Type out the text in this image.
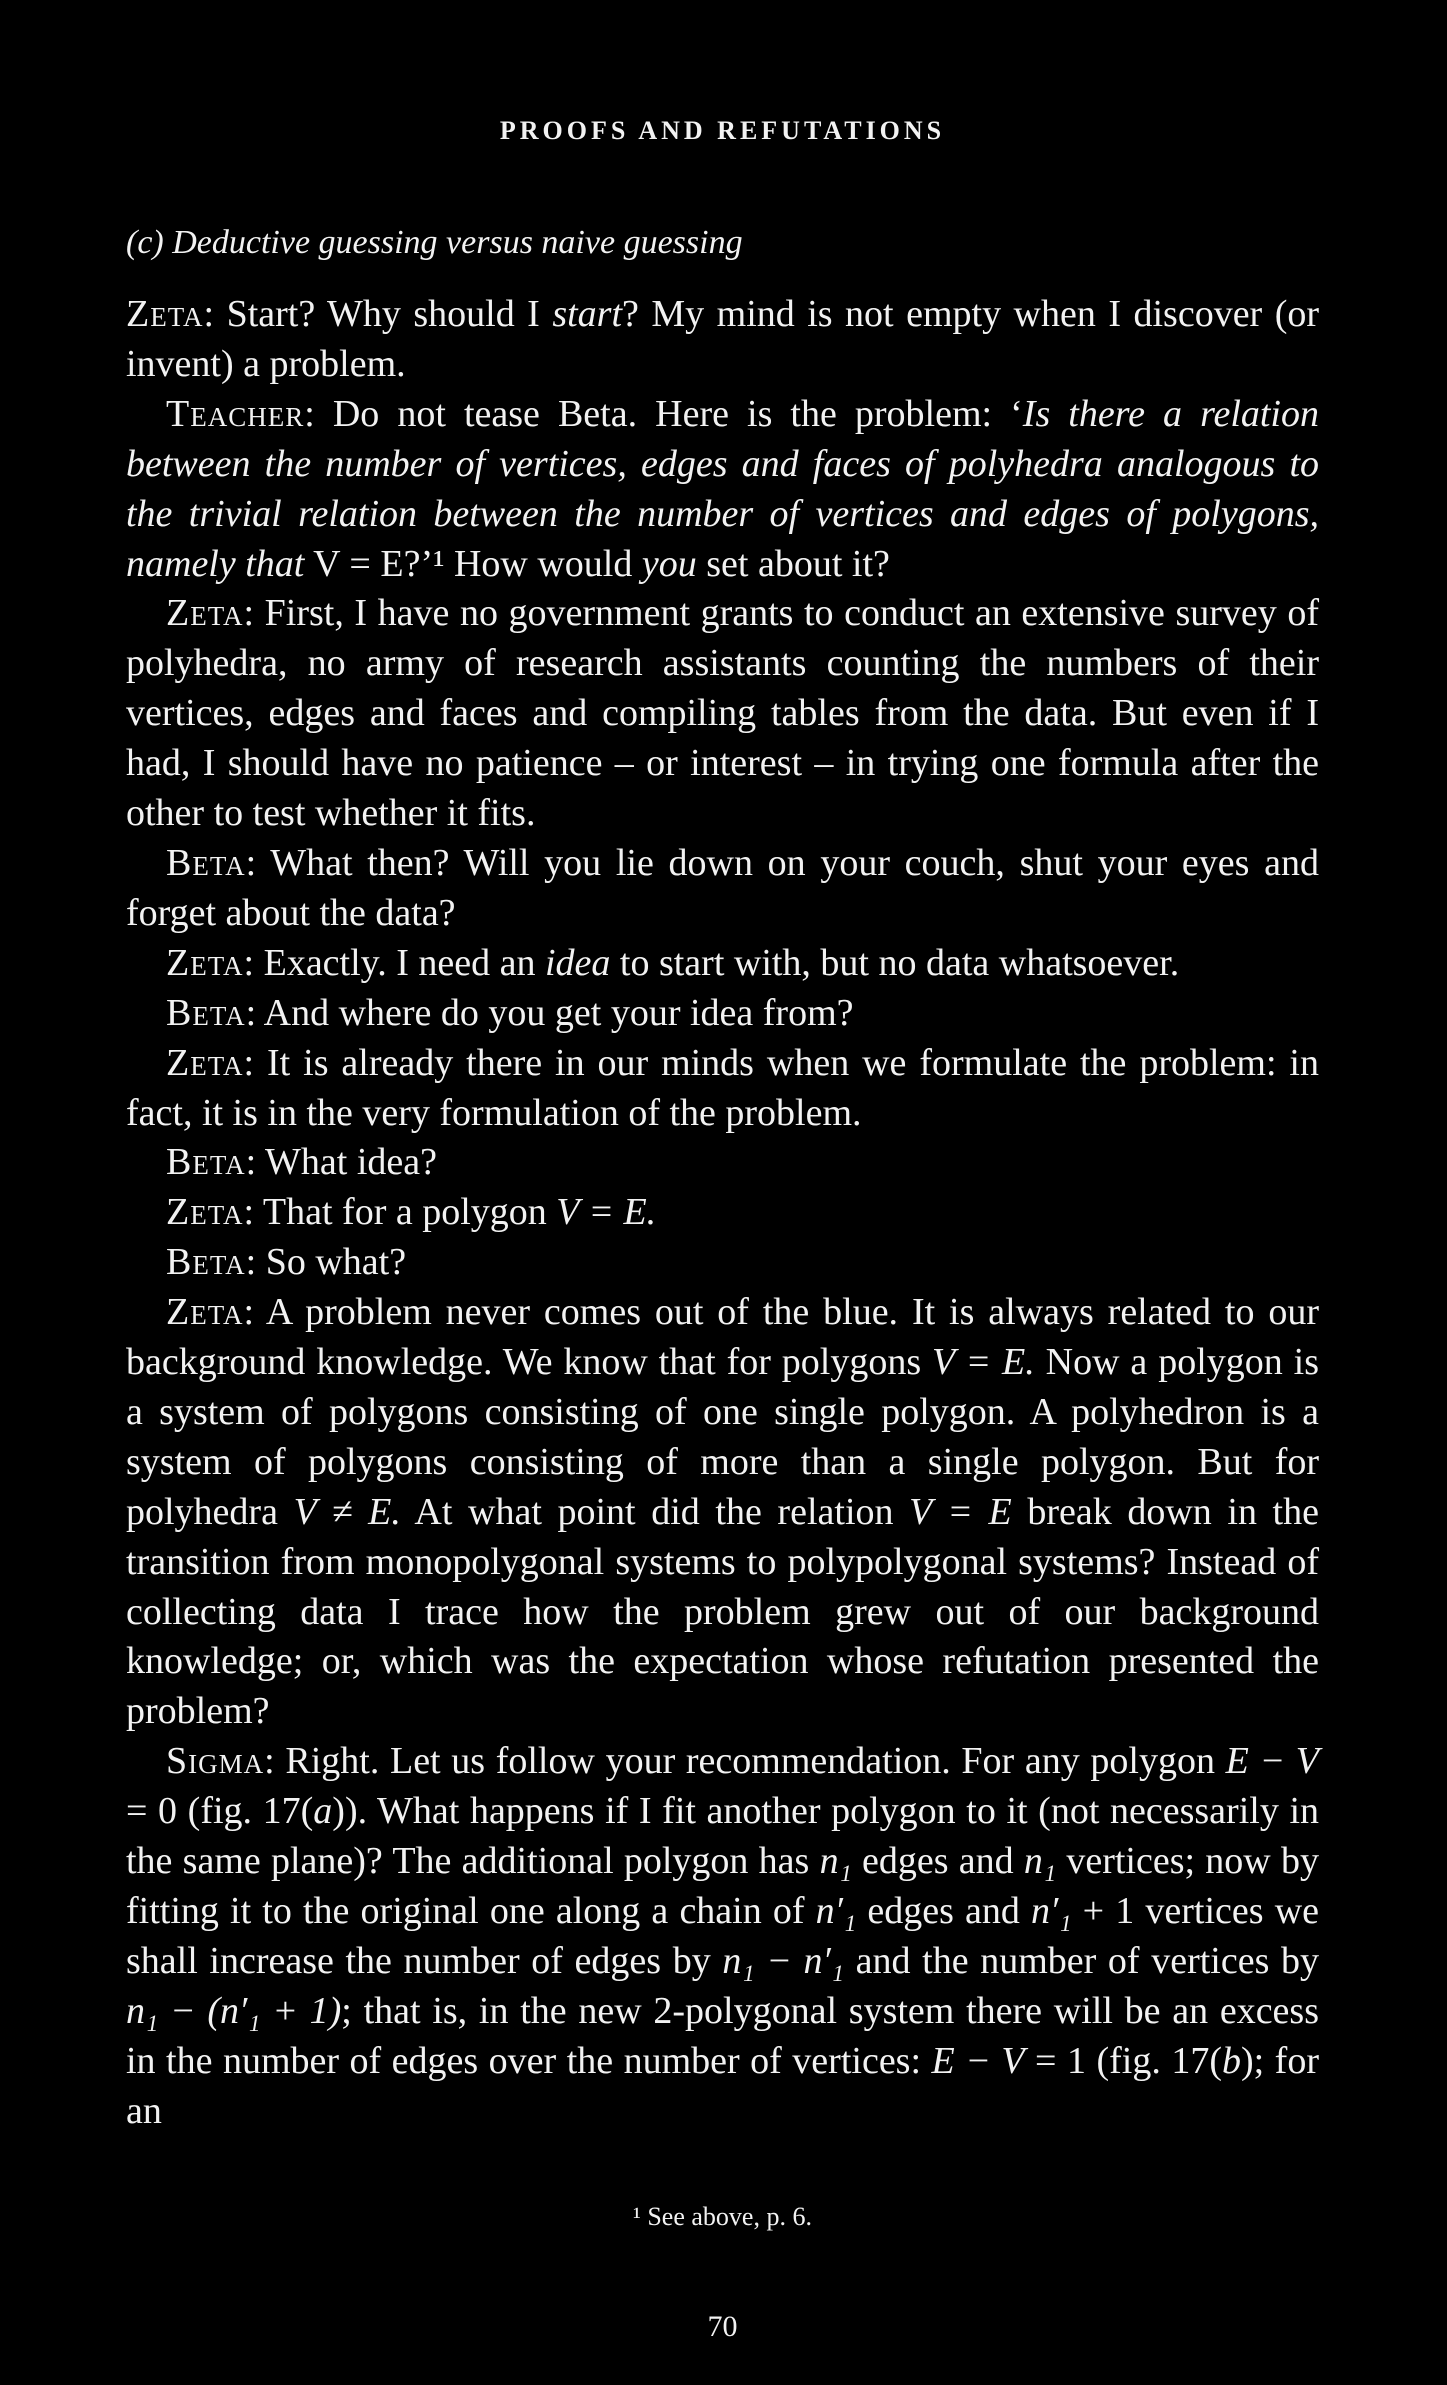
PROOFS AND REFUTATIONS
(c) Deductive guessing versus naive guessing

Zeta: Start? Why should I start? My mind is not empty when I discover (or invent) a problem.

Teacher: Do not tease Beta. Here is the problem: ‘Is there a relation between the number of vertices, edges and faces of polyhedra analogous to the trivial relation between the number of vertices and edges of polygons, namely that V = E?’¹ How would you set about it?

Zeta: First, I have no government grants to conduct an extensive survey of polyhedra, no army of research assistants counting the numbers of their vertices, edges and faces and compiling tables from the data. But even if I had, I should have no patience – or interest – in trying one formula after the other to test whether it fits.

Beta: What then? Will you lie down on your couch, shut your eyes and forget about the data?

Zeta: Exactly. I need an idea to start with, but no data whatsoever.

Beta: And where do you get your idea from?

Zeta: It is already there in our minds when we formulate the problem: in fact, it is in the very formulation of the problem.

Beta: What idea?

Zeta: That for a polygon V = E.

Beta: So what?

Zeta: A problem never comes out of the blue. It is always related to our background knowledge. We know that for polygons V = E. Now a polygon is a system of polygons consisting of one single polygon. A polyhedron is a system of polygons consisting of more than a single polygon. But for polyhedra V ≠ E. At what point did the relation V = E break down in the transition from monopolygonal systems to polypolygonal systems? Instead of collecting data I trace how the problem grew out of our background knowledge; or, which was the expectation whose refutation presented the problem?

Sigma: Right. Let us follow your recommendation. For any polygon E − V = 0 (fig. 17(a)). What happens if I fit another polygon to it (not necessarily in the same plane)? The additional polygon has n₁ edges and n₁ vertices; now by fitting it to the original one along a chain of n′₁ edges and n′₁ + 1 vertices we shall increase the number of edges by n₁ − n′₁ and the number of vertices by n₁ − (n′₁ + 1); that is, in the new 2-polygonal system there will be an excess in the number of edges over the number of vertices: E − V = 1 (fig. 17(b); for an

¹ See above, p. 6.
70
